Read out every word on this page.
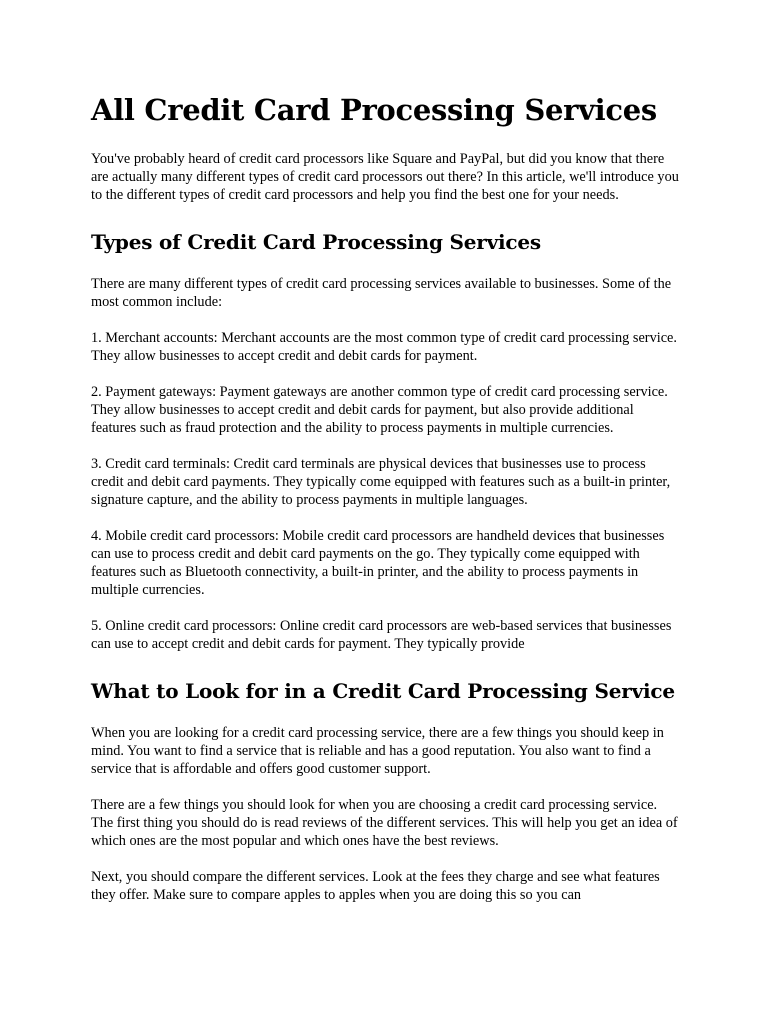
All Credit Card Processing Services

You've probably heard of credit card processors like Square and PayPal, but did you know that there are actually many different types of credit card processors out there? In this article, we'll introduce you to the different types of credit card processors and help you find the best one for your needs.

Types of Credit Card Processing Services

There are many different types of credit card processing services available to businesses. Some of the most common include:

1. Merchant accounts: Merchant accounts are the most common type of credit card processing service. They allow businesses to accept credit and debit cards for payment.

2. Payment gateways: Payment gateways are another common type of credit card processing service. They allow businesses to accept credit and debit cards for payment, but also provide additional features such as fraud protection and the ability to process payments in multiple currencies.

3. Credit card terminals: Credit card terminals are physical devices that businesses use to process credit and debit card payments. They typically come equipped with features such as a built-in printer, signature capture, and the ability to process payments in multiple languages.

4. Mobile credit card processors: Mobile credit card processors are handheld devices that businesses can use to process credit and debit card payments on the go. They typically come equipped with features such as Bluetooth connectivity, a built-in printer, and the ability to process payments in multiple currencies.

5. Online credit card processors: Online credit card processors are web-based services that businesses can use to accept credit and debit cards for payment. They typically provide

What to Look for in a Credit Card Processing Service

When you are looking for a credit card processing service, there are a few things you should keep in mind. You want to find a service that is reliable and has a good reputation. You also want to find a service that is affordable and offers good customer support.

There are a few things you should look for when you are choosing a credit card processing service. The first thing you should do is read reviews of the different services. This will help you get an idea of which ones are the most popular and which ones have the best reviews.

Next, you should compare the different services. Look at the fees they charge and see what features they offer. Make sure to compare apples to apples when you are doing this so you can
